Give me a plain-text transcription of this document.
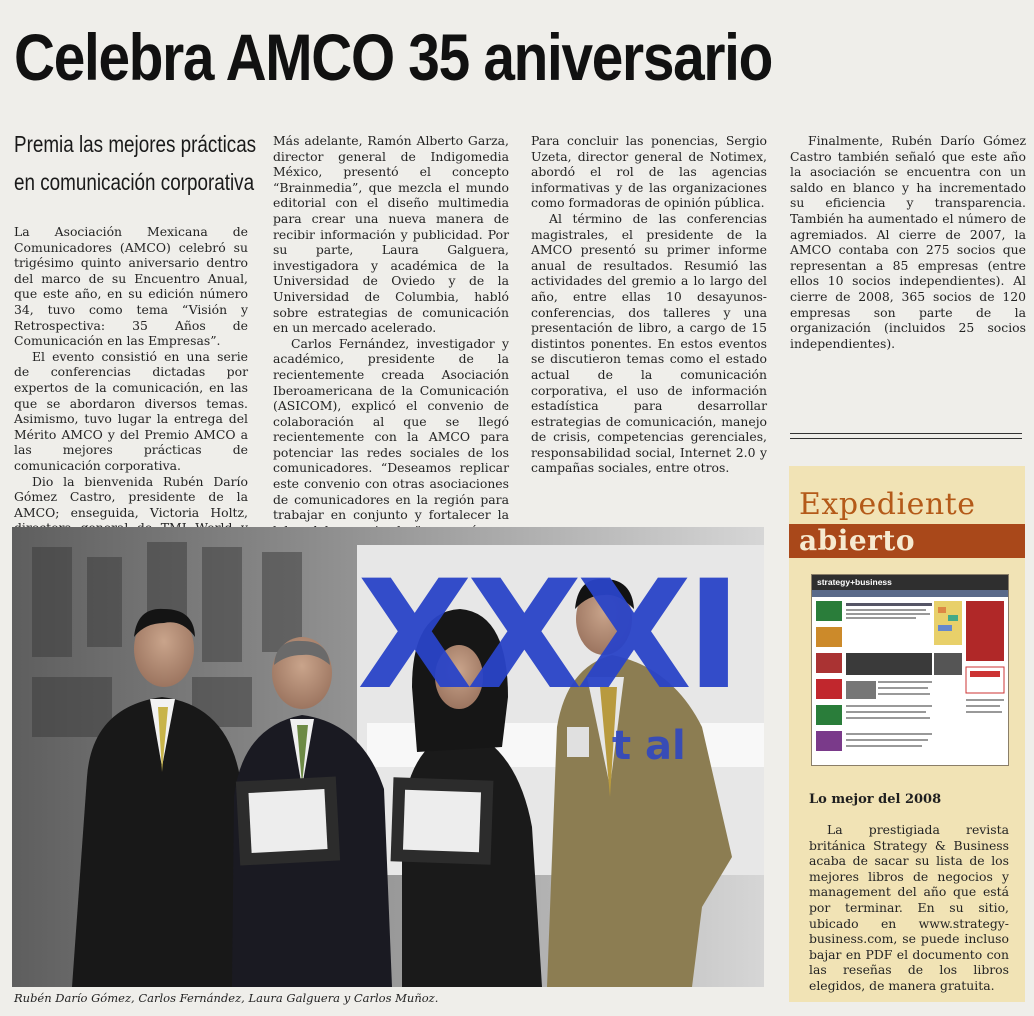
Celebra AMCO 35 aniversario
Premia las mejores prácticas
en comunicación corporativa

La Asociación Mexicana de Comunicadores (AMCO) celebró su trigésimo quinto aniversario dentro del marco de su Encuentro Anual, que este año, en su edición número 34, tuvo como tema “Visión y Retrospectiva: 35 Años de Comunicación en las Empresas”.

El evento consistió en una serie de conferencias dictadas por expertos de la comunicación, en las que se abordaron diversos temas. Asimismo, tuvo lugar la entrega del Mérito AMCO y del Premio AMCO a las mejores prácticas de comunicación corporativa.

Dio la bienvenida Rubén Darío Gómez Castro, presidente de la AMCO; enseguida, Victoria Holtz,

Más adelante, Ramón Alberto Garza, director general de Indigomedia México, presentó el concepto “Brainmedia”, que mezcla el mundo editorial con el diseño multimedia para crear una nueva manera de recibir información y publicidad. Por su parte, Laura Galguera, investigadora y académica de la Universidad de Oviedo y de la Universidad de Columbia, habló sobre estrategias de comunicación en un mercado acelerado.

Carlos Fernández, investigador y académico, presidente de la recientemente creada Asociación Iberoamericana de la Comunicación (ASICOM), explicó el convenio de colaboración al que se llegó recientemente con la AMCO para potenciar las redes sociales de los comunicadores. “Deseamos replicar este convenio con otras asociaciones de comunicadores en la región para trabajar en conjunto y fortalecer la

Para concluir las ponencias, Sergio Uzeta, director general de Notimex, abordó el rol de las agencias informativas y de las organizaciones como formadoras de opinión pública.

Al término de las conferencias magistrales, el presidente de la AMCO presentó su primer informe anual de resultados. Resumió las actividades del gremio a lo largo del año, entre ellas 10 desayunos-conferencias, dos talleres y una presentación de libro, a cargo de 15 distintos ponentes. En estos eventos se discutieron temas como el estado actual de la comunicación corporativa, el uso de información estadística para desarrollar estrategias de comunicación, manejo de crisis, competencias gerenciales, responsabilidad social, Internet 2.0 y campañas sociales, entre otros.

Finalmente, Rubén Darío Gómez Castro también señaló que este año la asociación se encuentra con un saldo en blanco y ha incrementado su eficiencia y transparencia. También ha aumentado el número de agremiados. Al cierre de 2007, la AMCO contaba con 275 socios que representan a 85 empresas (entre ellos 10 socios independientes). Al cierre de 2008, 365 socios de 120 empresas son parte de la organización (incluidos 25 socios independientes).

XXXI
t al

Rubén Darío Gómez, Carlos Fernández, Laura Galguera y Carlos Muñoz.

Expediente
abierto
strategy+business
Lo mejor del 2008

La prestigiada revista británica Strategy & Business acaba de sacar su lista de los mejores libros de negocios y management del año que está por terminar. En su sitio, ubicado en www.strategy-business.com, se puede incluso bajar en PDF el documento con las reseñas de los libros elegidos, de manera gratuita.
